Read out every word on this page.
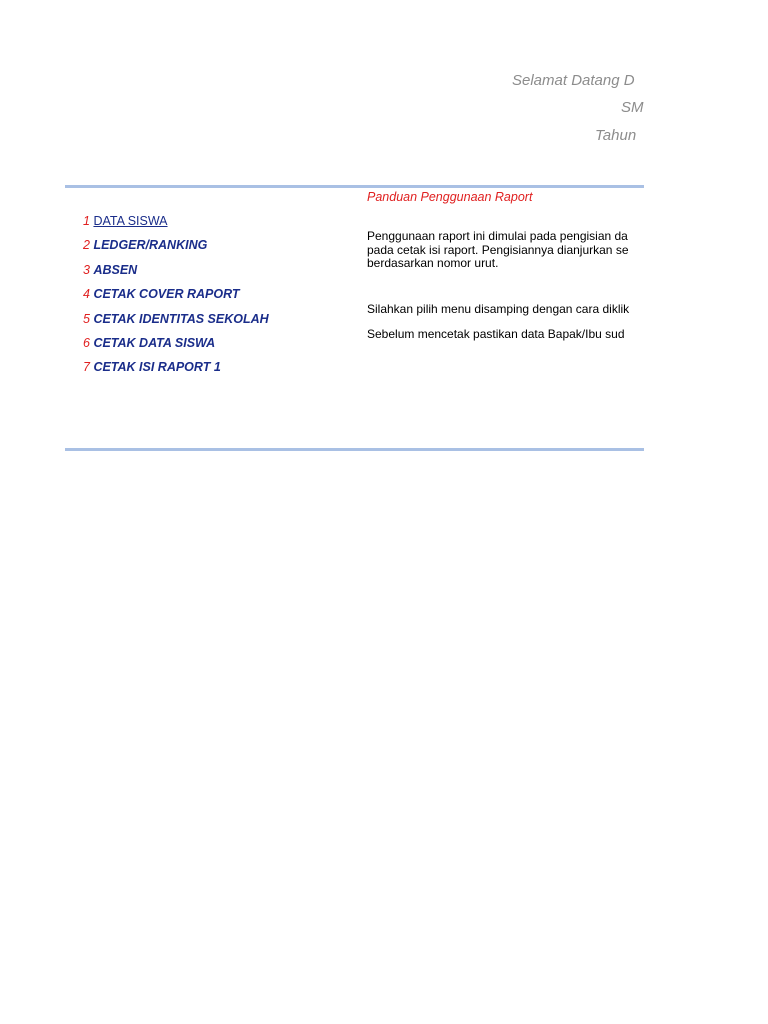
Selamat Datang D
SM
Tahun
1 DATA SISWA
2 LEDGER/RANKING
3 ABSEN
4 CETAK COVER RAPORT
5 CETAK IDENTITAS SEKOLAH
6 CETAK DATA SISWA
7 CETAK ISI RAPORT 1
Panduan Penggunaan Raport
Penggunaan raport ini dimulai pada pengisian da
pada cetak isi raport. Pengisiannya dianjurkan se
berdasarkan nomor urut.
Silahkan pilih menu disamping dengan cara diklik
Sebelum mencetak pastikan data Bapak/Ibu sud
